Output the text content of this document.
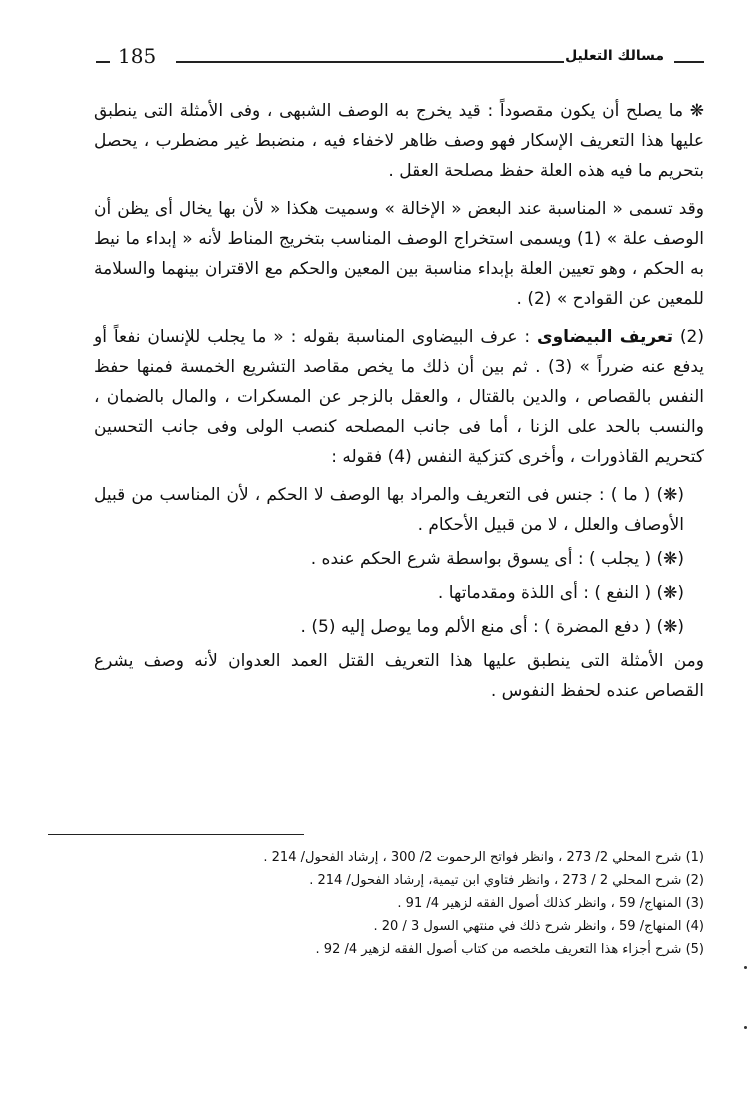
مسالك التعليل
185

❋ ما يصلح أن يكون مقصوداً : قيد يخرج به الوصف الشبهى ، وفى الأمثلة التى ينطبق عليها هذا التعريف الإسكار فهو وصف ظاهر لاخفاء فيه ، منضبط غير مضطرب ، يحصل بتحريم ما فيه هذه العلة حفظ مصلحة العقل .

وقد تسمى « المناسبة عند البعض « الإخالة » وسميت هكذا « لأن بها يخال أى يظن أن الوصف علة » (1) ويسمى استخراج الوصف المناسب بتخريج المناط لأنه « إبداء ما نيط به الحكم ، وهو تعيين العلة بإبداء مناسبة بين المعين والحكم مع الاقتران بينهما والسلامة للمعين عن القوادح » (2) .

(2) تعريف البيضاوى : عرف البيضاوى المناسبة بقوله : « ما يجلب للإنسان نفعاً أو يدفع عنه ضرراً » (3) . ثم بين أن ذلك ما يخص مقاصد التشريع الخمسة فمنها حفظ النفس بالقصاص ، والدين بالقتال ، والعقل بالزجر عن المسكرات ، والمال بالضمان ، والنسب بالحد على الزنا ، أما فى جانب المصلحه كنصب الولى وفى جانب التحسين كتحريم القاذورات ، وأخرى كتزكية النفس (4) فقوله :

(❋) ( ما ) : جنس فى التعريف والمراد بها الوصف لا الحكم ، لأن المناسب من قبيل الأوصاف والعلل ، لا من قبيل الأحكام .

(❋) ( يجلب ) : أى يسوق بواسطة شرع الحكم عنده .

(❋) ( النفع ) : أى اللذة ومقدماتها .

(❋) ( دفع المضرة ) : أى منع الألم وما يوصل إليه (5) .

ومن الأمثلة التى ينطبق عليها هذا التعريف القتل العمد العدوان لأنه وصف يشرع القصاص عنده لحفظ النفوس .

(1) شرح المحلي 2/ 273 ، وانظر فواتح الرحموت 2/ 300 ، إرشاد الفحول/ 214 .
(2) شرح المحلي 2 / 273 ، وانظر فتاوي ابن تيمية، إرشاد الفحول/ 214 .
(3) المنهاج/ 59 ، وانظر كذلك أصول الفقه لزهير 4/ 91 .
(4) المنهاج/ 59 ، وانظر شرح ذلك في منتهي السول 3 / 20 .
(5) شرح أجزاء هذا التعريف ملخصه من كتاب أصول الفقه لزهير 4/ 92 .
